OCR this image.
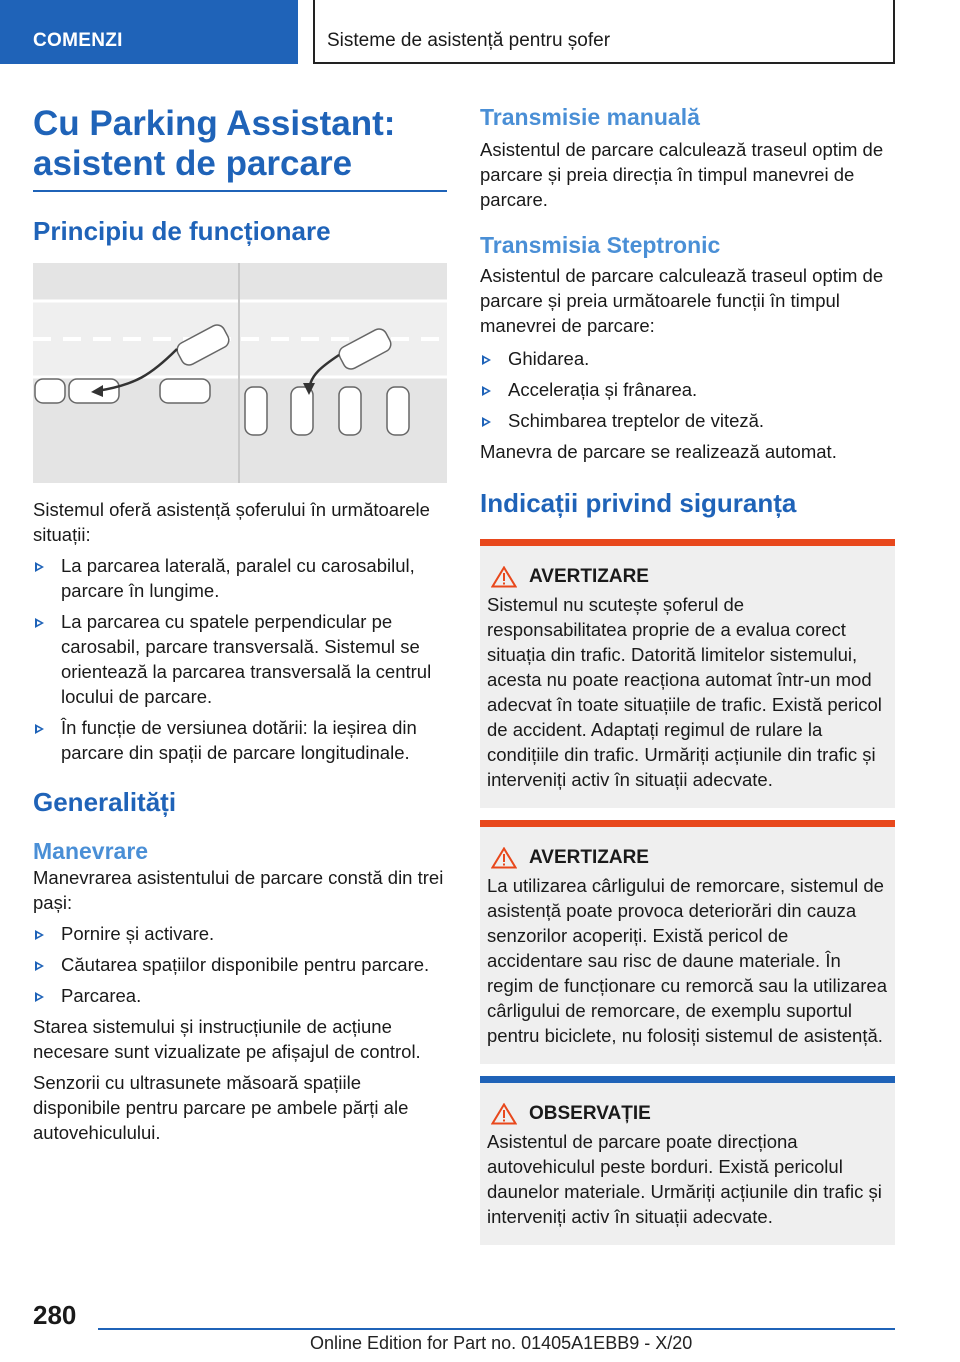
COMENZI	Sisteme de asistență pentru șofer
Cu Parking Assistant:
asistent de parcare
Principiu de funcționare

Sistemul oferă asistență șoferului în următoarele situații:

La parcarea laterală, paralel cu carosabilul, parcare în lungime.
La parcarea cu spatele perpendicular pe carosabil, parcare transversală. Sistemul se orientează la parcarea transversală la centrul locului de parcare.
În funcție de versiunea dotării: la ieșirea din parcare din spații de parcare longitudinale.
Generalități
Manevrare

Manevrarea asistentului de parcare constă din trei pași:

Pornire și activare.
Căutarea spațiilor disponibile pentru parcare.
Parcarea.

Starea sistemului și instrucțiunile de acțiune necesare sunt vizualizate pe afișajul de control.

Senzorii cu ultrasunete măsoară spațiile disponibile pentru parcare pe ambele părți ale autovehiculului.

Transmisie manuală

Asistentul de parcare calculează traseul optim de parcare și preia direcția în timpul manevrei de parcare.

Transmisia Steptronic

Asistentul de parcare calculează traseul optim de parcare și preia următoarele funcții în timpul manevrei de parcare:

Ghidarea.
Accelerația și frânarea.
Schimbarea treptelor de viteză.

Manevra de parcare se realizează automat.

Indicații privind siguranța
AVERTIZARE

Sistemul nu scutește șoferul de responsabilitatea proprie de a evalua corect situația din trafic. Datorită limitelor sistemului, acesta nu poate reacționa automat într-un mod adecvat în toate situațiile de trafic. Există pericol de accident. Adaptați regimul de rulare la condițiile din trafic. Urmăriți acțiunile din trafic și interveniți activ în situații adecvate.

AVERTIZARE

La utilizarea cârligului de remorcare, sistemul de asistență poate provoca deteriorări din cauza senzorilor acoperiți. Există pericol de accidentare sau risc de daune materiale. În regim de funcționare cu remorcă sau la utilizarea cârligului de remorcare, de exemplu suportul pentru biciclete, nu folosiți sistemul de asistență.

OBSERVAȚIE

Asistentul de parcare poate direcționa autovehiculul peste borduri. Există pericolul daunelor materiale. Urmăriți acțiunile din trafic și interveniți activ în situații adecvate.

280
Online Edition for Part no. 01405A1EBB9 - X/20
